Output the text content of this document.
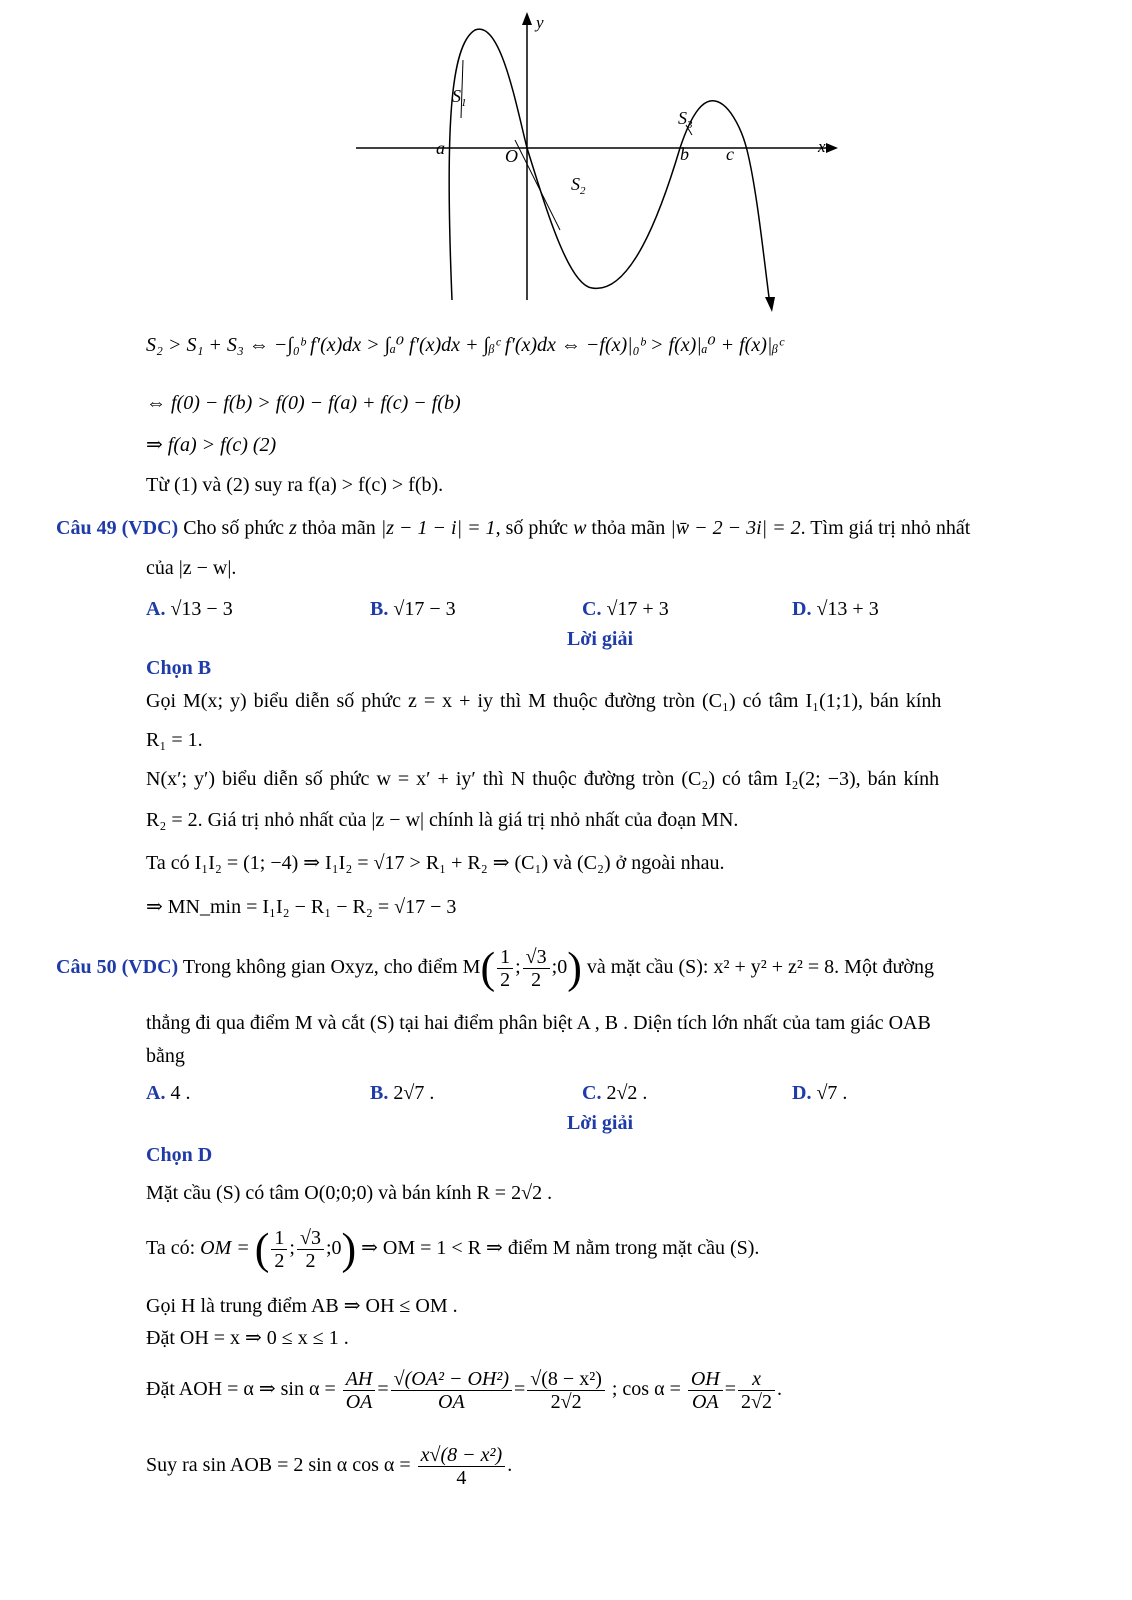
y
$S_1$
a	O
$S_2$
$S_3$
b c	x
S₂ > S₁ + S₃ ⇔ −∫₀ᵇ f′(x)dx > ∫ₐ⁰ f′(x)dx + ∫ᵦᶜ f′(x)dx ⇔ −f(x)|₀ᵇ > f(x)|ₐ⁰ + f(x)|ᵦᶜ
⇔ f(0) − f(b) > f(0) − f(a) + f(c) − f(b)
⇒ f(a) > f(c) (2)
Từ (1) và (2) suy ra f(a) > f(c) > f(b).
Câu 49 (VDC) Cho số phức z thỏa mãn |z − 1 − i| = 1, số phức w thỏa mãn |w̄ − 2 − 3i| = 2. Tìm giá trị nhỏ nhất
của |z − w|.
A. √13 − 3	B. √17 − 3	C. √17 + 3	D. √13 + 3
Lời giải
Chọn B
Gọi M(x; y) biểu diễn số phức z = x + iy thì M thuộc đường tròn (C₁) có tâm I₁(1;1), bán kính
R₁ = 1.
N(x′; y′) biểu diễn số phức w = x′ + iy′ thì N thuộc đường tròn (C₂) có tâm I₂(2; −3), bán kính
R₂ = 2. Giá trị nhỏ nhất của |z − w| chính là giá trị nhỏ nhất của đoạn MN.
Ta có I₁I₂ = (1; −4) ⇒ I₁I₂ = √17 > R₁ + R₂ ⇒ (C₁) và (C₂) ở ngoài nhau.
⇒ MN_min = I₁I₂ − R₁ − R₂ = √17 − 3
Câu 50 (VDC) Trong không gian Oxyz, cho điểm $M( \frac{1}{2}$ ; $\frac{√3}{2}$ ;0) và mặt cầu (S): x² + y² + z² = 8. Một đường
thẳng đi qua điểm M và cắt (S) tại hai điểm phân biệt A , B . Diện tích lớn nhất của tam giác OAB
bằng
A. 4 .	B. 2√7 .	C. 2√2 .	D. √7 .
Lời giải
Chọn D
Mặt cầu (S) có tâm O(0;0;0) và bán kính R = 2√2 .
Ta có: OM = ( $\frac{1}{2}$ ; $\frac{√3}{2}$ ;0) ⇒ OM = 1 < R ⇒ điểm M nằm trong mặt cầu (S).
Gọi H là trung điểm AB ⇒ OH ≤ OM .
Đặt OH = x ⇒ 0 ≤ x ≤ 1 .
Đặt AOH = α ⇒ $\sin \alpha = \frac{AH}{OA} = \frac{\text{√(OA² − OH²)}}{OA} = \frac{\text{√(8 − x²)}}{2√2}$ ; $\cos \alpha = \frac{OH}{OA} = \frac{x}{2√2}$ .
Suy ra sin AOB = 2 sin α $\cos \alpha = \frac{\text{x√(8 − x²)}}{4}$ .
